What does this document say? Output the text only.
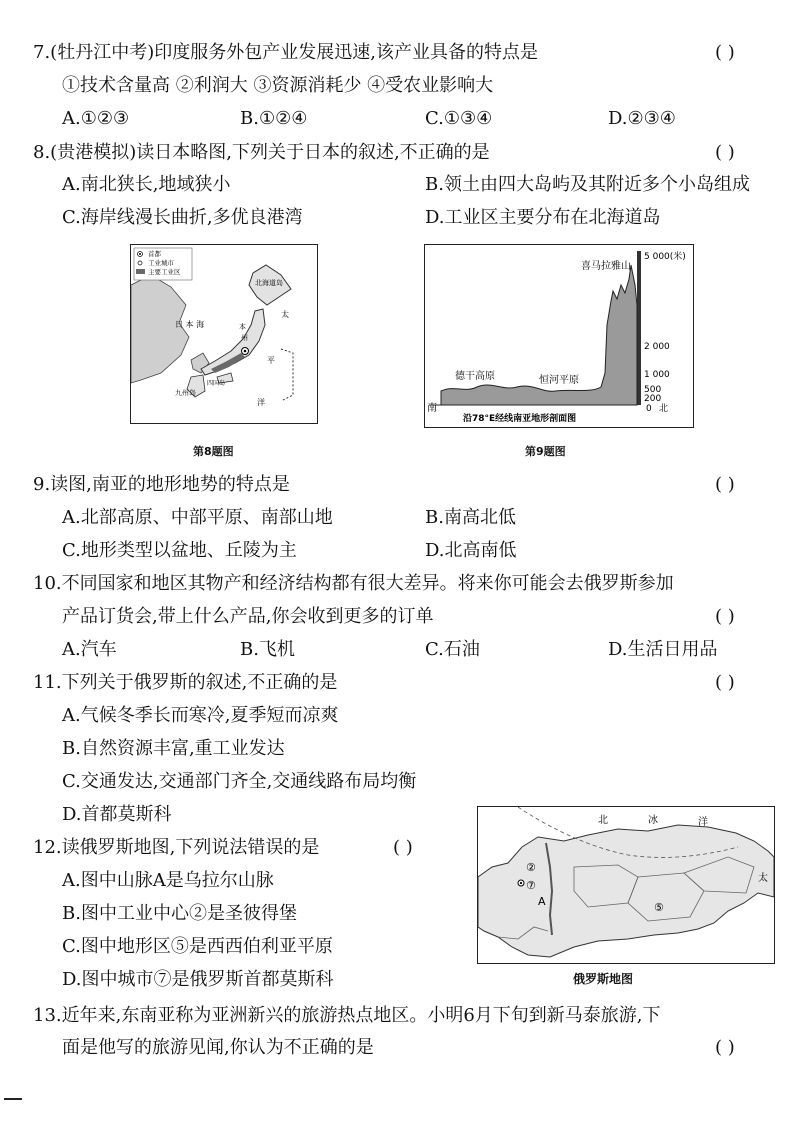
7.(牡丹江中考)印度服务外包产业发展迅速,该产业具备的特点是	( )
①技术含量高 ②利润大 ③资源消耗少 ④受农业影响大
A.①②③	B.①②④	C.①③④	D.②③④
8.(贵港模拟)读日本略图,下列关于日本的叙述,不正确的是	( )
A.南北狭长,地域狭小	B.领土由四大岛屿及其附近多个小岛组成
C.海岸线漫长曲折,多优良港湾	D.工业区主要分布在北海道岛
首都
工业城市
主要工业区
北海道岛
日 本 海	本
州
九州岛
四国岛
太
平
洋
第8题图
喜马拉雅山
德干高原	恒河平原
南	北
5 000(米)
2 000
1 000
500
200
0
沿78°E经线南亚地形剖面图
第9题图
9.读图,南亚的地形地势的特点是	( )
A.北部高原、中部平原、南部山地	B.南高北低
C.地形类型以盆地、丘陵为主	D.北高南低
10.不同国家和地区其物产和经济结构都有很大差异。将来你可能会去俄罗斯参加
产品订货会,带上什么产品,你会收到更多的订单	( )
A.汽车	B.飞机	C.石油	D.生活日用品
11.下列关于俄罗斯的叙述,不正确的是	( )
A.气候冬季长而寒冷,夏季短而凉爽
B.自然资源丰富,重工业发达
C.交通发达,交通部门齐全,交通线路布局均衡
D.首都莫斯科
12.读俄罗斯地图,下列说法错误的是	( )
A.图中山脉A是乌拉尔山脉
B.图中工业中心②是圣彼得堡
C.图中地形区⑤是西西伯利亚平原
D.图中城市⑦是俄罗斯首都莫斯科
北	冰	洋
太
②
⑦
A	⑤
俄罗斯地图
13.近年来,东南亚称为亚洲新兴的旅游热点地区。小明6月下旬到新马泰旅游,下
面是他写的旅游见闻,你认为不正确的是	( )
